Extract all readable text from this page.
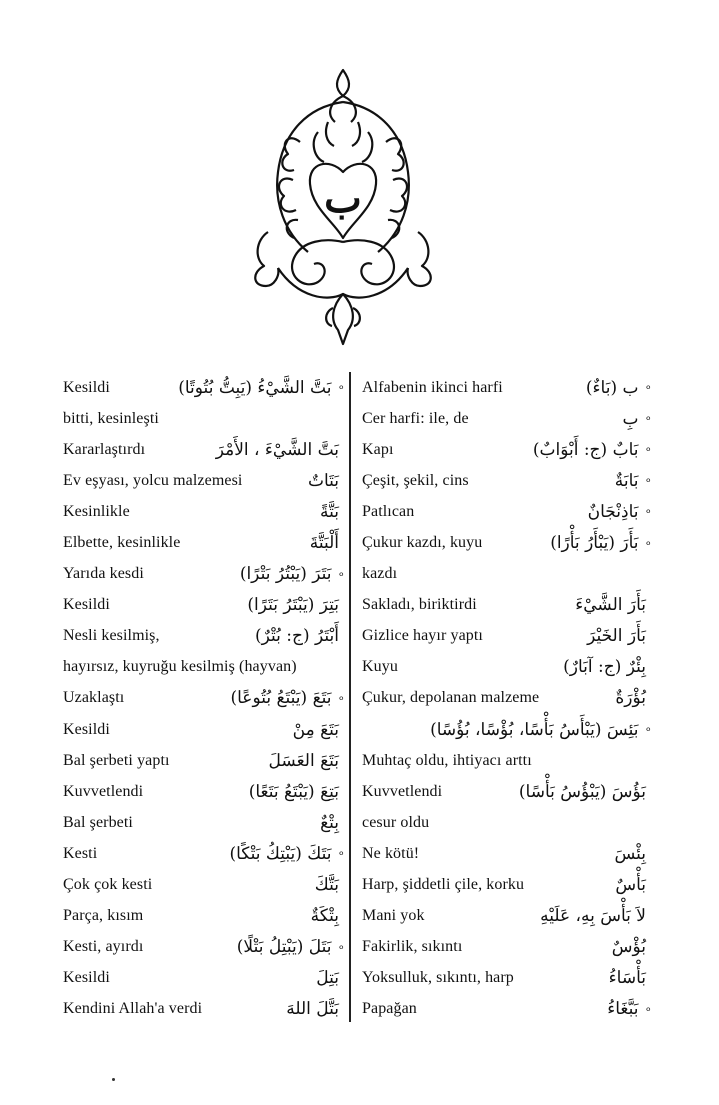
ب
Kesildi	بَتَّ الشَّيْءُ (يَبِتُّ بُتُوتًا) ∘
bitti, kesinleşti
Kararlaştırdı	بَتَّ الشَّيْءَ ، الأَمْرَ
Ev eşyası, yolcu malzemesi	بَتَاتٌ
Kesinlikle	بَتَّةً
Elbette, kesinlikle	أَلْبَتَّةَ
Yarıda kesdi	بَتَرَ (يَبْتُرُ بَتْرًا) ∘
Kesildi	بَتِرَ (يَبْتَرُ بَتَرًا)
Nesli kesilmiş,	أَبْتَرُ (ج: بُتْرٌ)
hayırsız, kuyruğu kesilmiş (hayvan)
Uzaklaştı	بَتَعَ (يَبْتَعُ بُتُوعًا) ∘
Kesildi	بَتَعَ مِنْ
Bal şerbeti yaptı	بَتَعَ العَسَلَ
Kuvvetlendi	بَتِعَ (يَبْتَعُ بَتَعًا)
Bal şerbeti	بِتْعٌ
Kesti	بَتَكَ (يَبْتِكُ بَتْكًا) ∘
Çok çok kesti	بَتَّكَ
Parça, kısım	بِتْكَةٌ
Kesti, ayırdı	بَتَلَ (يَبْتِلُ بَتْلًا) ∘
Kesildi	بَتِلَ
Kendini Allah'a verdi	بَتَّلَ اللهَ
Alfabenin ikinci harfi	ب (بَاءٌ) ∘
Cer harfi: ile, de	بِ ∘
Kapı	بَابٌ (ج: أَبْوَابٌ) ∘
Çeşit, şekil, cins	بَابَةٌ ∘
Patlıcan	بَاذِنْجَانٌ ∘
Çukur kazdı, kuyu	بَأَرَ (يَبْأَرُ بَأْرًا) ∘
kazdı
Sakladı, biriktirdi	بَأَرَ الشَّيْءَ
Gizlice hayır yaptı	بَأَرَ الخَيْرَ
Kuyu	بِئْرٌ (ج: آبَارٌ)
Çukur, depolanan malzeme	بُؤْرَةٌ
بَئِسَ (يَبْأَسُ بَأْسًا، بُؤْسًا، بُؤُسًا) ∘
Muhtaç oldu, ihtiyacı arttı
Kuvvetlendi	بَؤُسَ (يَبْؤُسُ بَأْسًا)
cesur oldu
Ne kötü!	بِئْسَ
Harp, şiddetli çile, korku	بَأْسٌ
Mani yok	لاَ بَأْسَ بِهِ، عَلَيْهِ
Fakirlik, sıkıntı	بُؤْسٌ
Yoksulluk, sıkıntı, harp	بَأْسَاءُ
Papağan	بَبَّغَاءُ ∘
